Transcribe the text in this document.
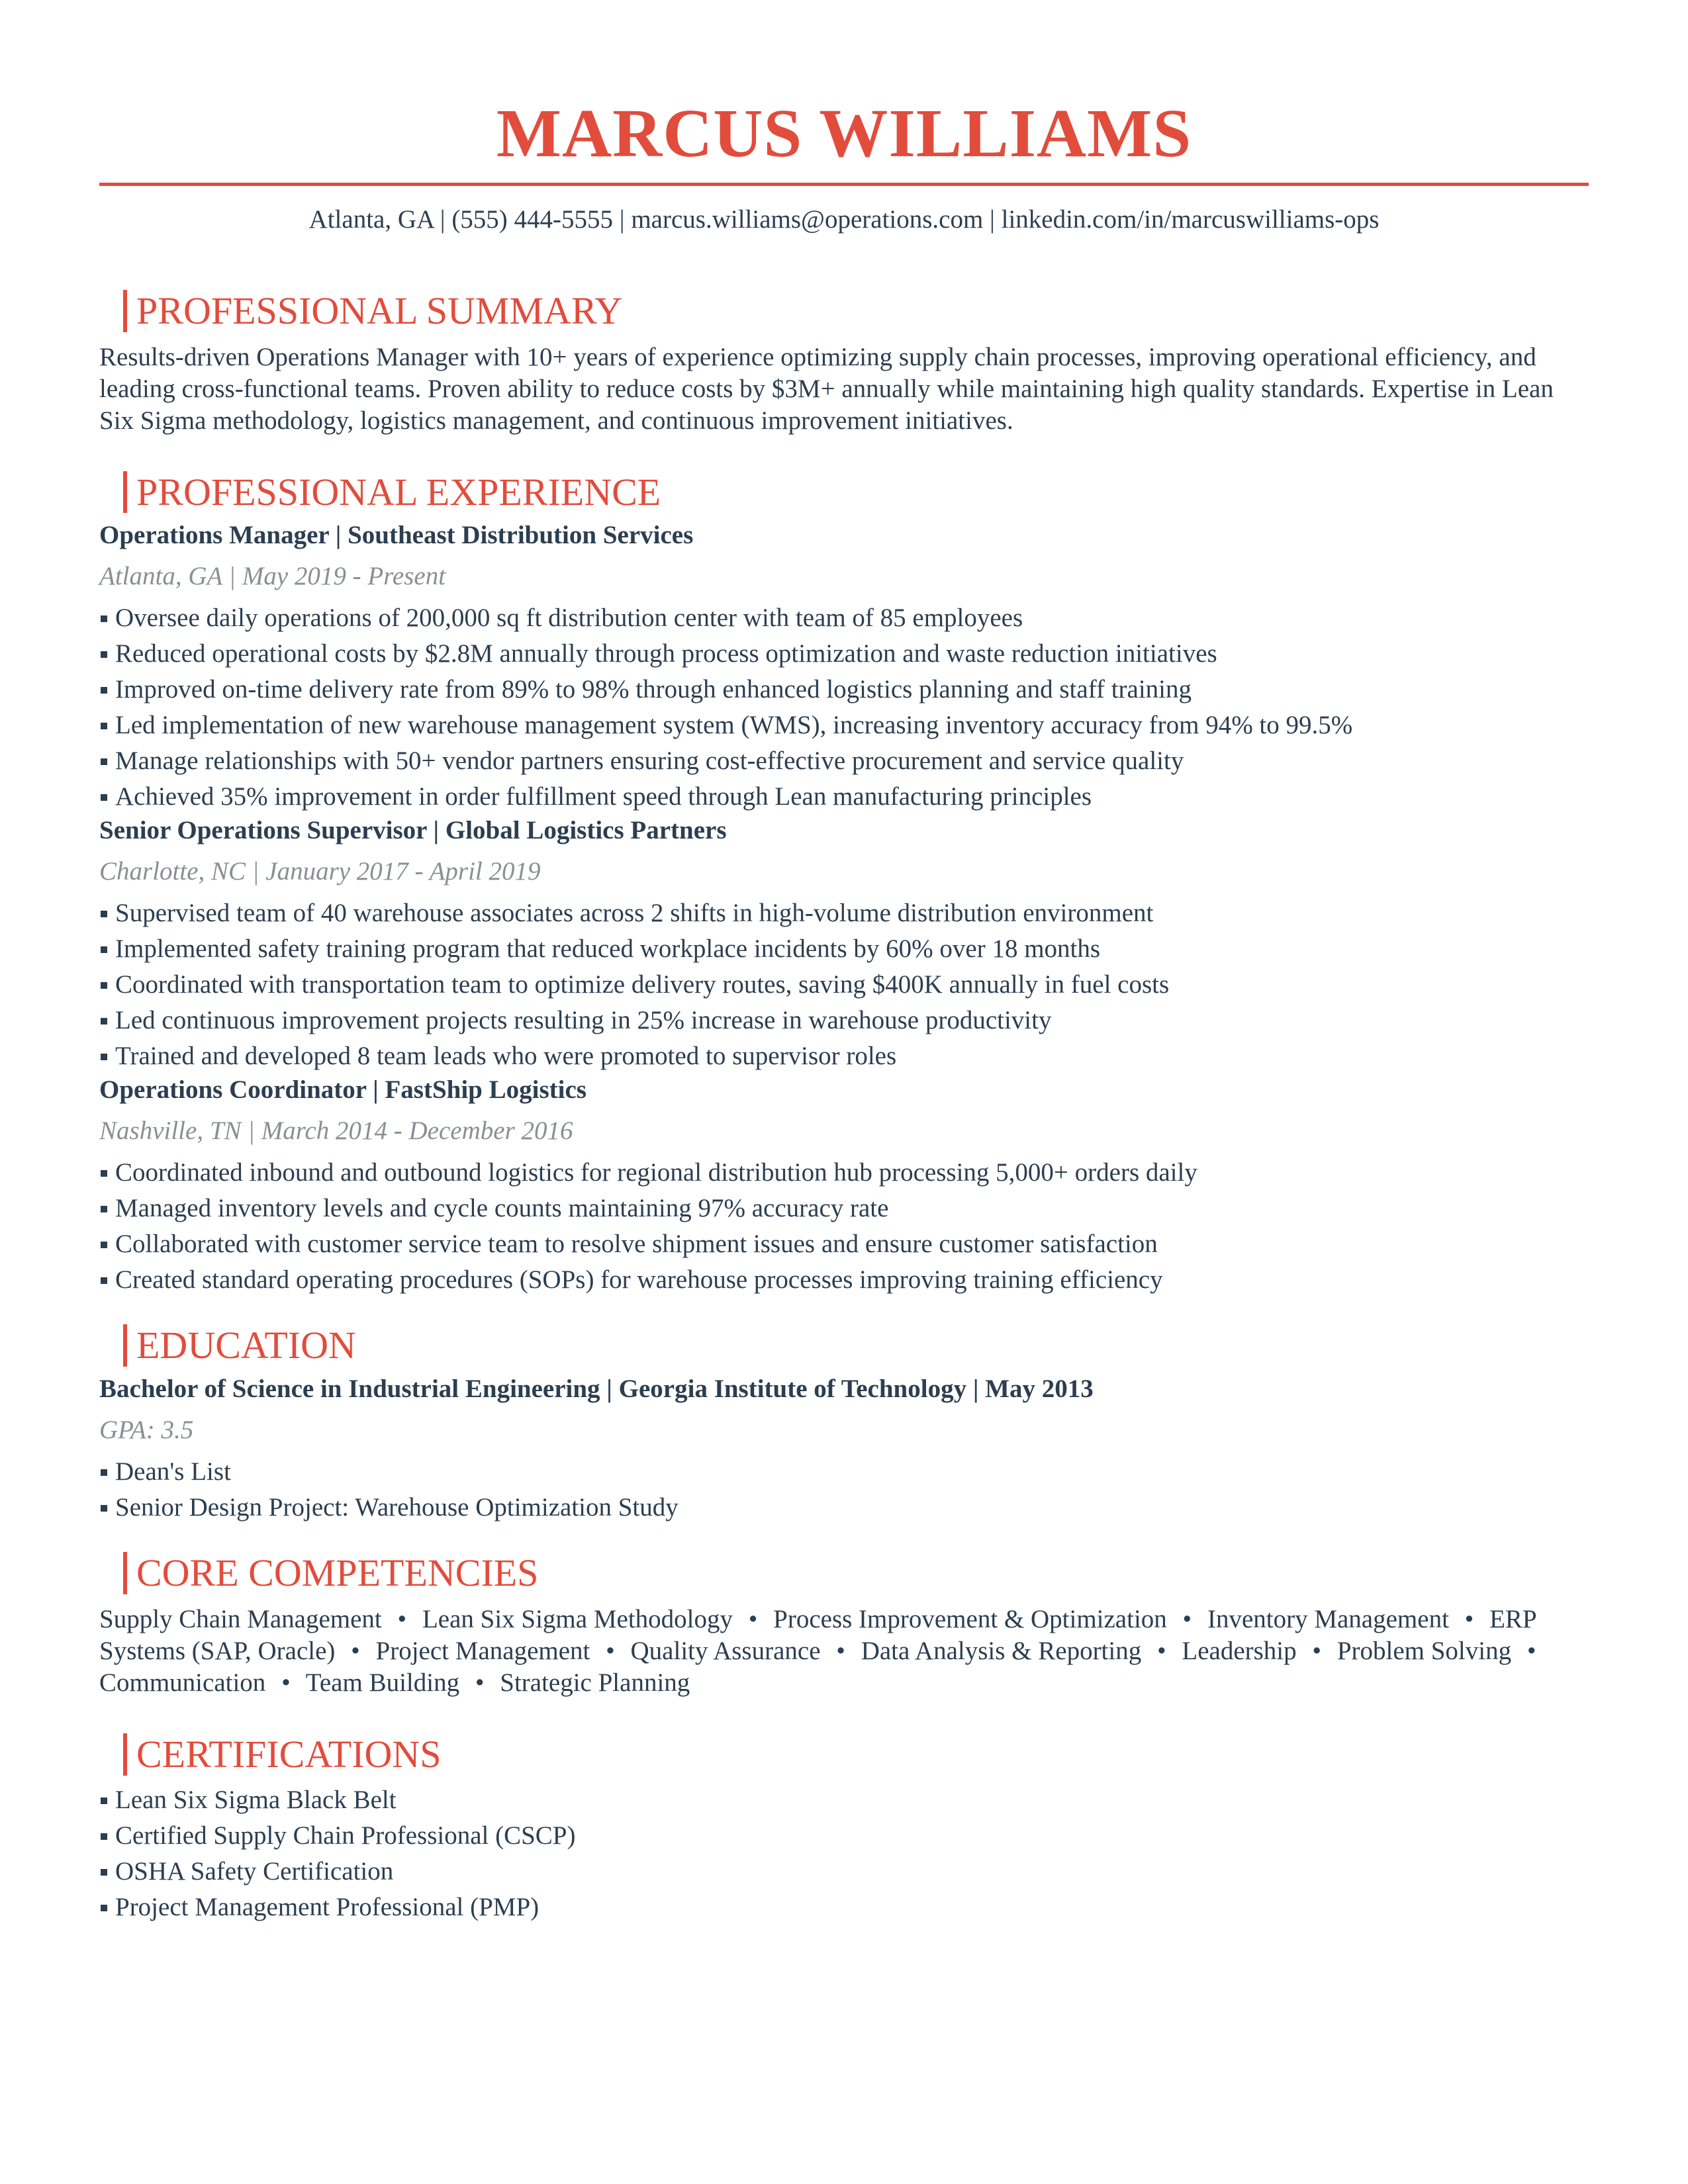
MARCUS WILLIAMS
Atlanta, GA | (555) 444-5555 | marcus.williams@operations.com | linkedin.com/in/marcuswilliams-ops
PROFESSIONAL SUMMARY

Results-driven Operations Manager with 10+ years of experience optimizing supply chain processes, improving operational efficiency, and leading cross-functional teams. Proven ability to reduce costs by $3M+ annually while maintaining high quality standards. Expertise in Lean Six Sigma methodology, logistics management, and continuous improvement initiatives.

PROFESSIONAL EXPERIENCE
Operations Manager | Southeast Distribution Services
Atlanta, GA | May 2019 - Present
Oversee daily operations of 200,000 sq ft distribution center with team of 85 employees
Reduced operational costs by $2.8M annually through process optimization and waste reduction initiatives
Improved on-time delivery rate from 89% to 98% through enhanced logistics planning and staff training
Led implementation of new warehouse management system (WMS), increasing inventory accuracy from 94% to 99.5%
Manage relationships with 50+ vendor partners ensuring cost-effective procurement and service quality
Achieved 35% improvement in order fulfillment speed through Lean manufacturing principles
Senior Operations Supervisor | Global Logistics Partners
Charlotte, NC | January 2017 - April 2019
Supervised team of 40 warehouse associates across 2 shifts in high-volume distribution environment
Implemented safety training program that reduced workplace incidents by 60% over 18 months
Coordinated with transportation team to optimize delivery routes, saving $400K annually in fuel costs
Led continuous improvement projects resulting in 25% increase in warehouse productivity
Trained and developed 8 team leads who were promoted to supervisor roles
Operations Coordinator | FastShip Logistics
Nashville, TN | March 2014 - December 2016
Coordinated inbound and outbound logistics for regional distribution hub processing 5,000+ orders daily
Managed inventory levels and cycle counts maintaining 97% accuracy rate
Collaborated with customer service team to resolve shipment issues and ensure customer satisfaction
Created standard operating procedures (SOPs) for warehouse processes improving training efficiency
EDUCATION
Bachelor of Science in Industrial Engineering | Georgia Institute of Technology | May 2013
GPA: 3.5
Dean's List
Senior Design Project: Warehouse Optimization Study
CORE COMPETENCIES
Supply Chain Management • Lean Six Sigma Methodology • Process Improvement & Optimization • Inventory Management • ERP Systems (SAP, Oracle) • Project Management • Quality Assurance • Data Analysis & Reporting • Leadership • Problem Solving • Communication • Team Building • Strategic Planning
CERTIFICATIONS
Lean Six Sigma Black Belt
Certified Supply Chain Professional (CSCP)
OSHA Safety Certification
Project Management Professional (PMP)
